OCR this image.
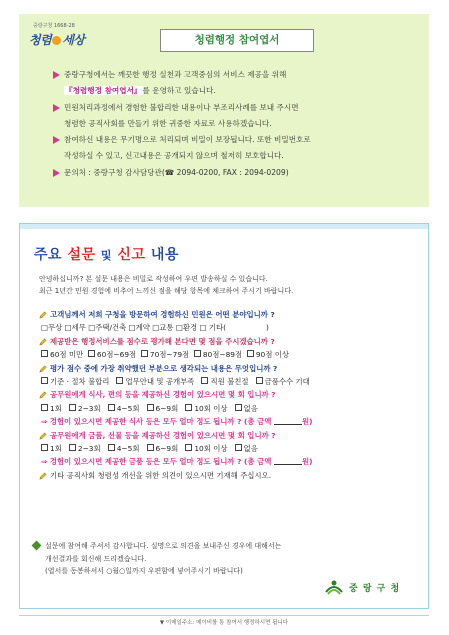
중랑구청 1668-28
청렴 세상	청렴행정 참여엽서
중랑구청에서는 깨끗한 행정 실천과 고객중심의 서비스 제공을 위해
『청렴행정 참여엽서』를 운영하고 있습니다.
민원처리과정에서 경험한 불합리한 내용이나 부조리사례를 보내 주시면
청렴한 공직사회를 만들기 위한 귀중한 자료로 사용하겠습니다.
참여하신 내용은 무기명으로 처리되며 비밀이 보장됩니다. 또한 비밀번호로
작성하실 수 있고, 신고내용은 공개되지 않으며 철저히 보호합니다.
문의처 : 중랑구청 감사담당관(☎ 2094-0200, FAX : 2094-0209)
주요 설문 및 신고 내용
안녕하십니까? 본 설문 내용은 비밀로 작성하여 우편 발송하실 수 있습니다.
최근 1년간 민원 경험에 비추어 느끼신 점을 해당 항목에 체크하여 주시기 바랍니다.
고객님께서 저희 구청을 방문하여 경험하신 민원은 어떤 분야입니까 ?
□무상 □세무 □주택/건축 □계약 □교통 □환경 □ 기타(	)
제공받은 행정서비스를 점수로 평가해 본다면 몇 점을 주시겠습니까 ?
60점 미만 60점~69점 70점~79점 80점~89점 90점 이상
평가 점수 중에 가장 취약했던 부분으로 생각되는 내용은 무엇입니까 ?
기준 · 절차 불합리 업무안내 및 공개부족 직원 불친절 금품수수 기대
공무원에게 식사, 편의 등을 제공하신 경험이 있으시면 몇 회 입니까 ?
1회 2~3회 4~5회 6~9회 10회 이상 없음
⇒ 경험이 있으시면 제공한 식사 등은 모두 얼마 정도 됩니까 ? (총 금액	원)
공무원에게 금품, 선물 등을 제공하신 경험이 있으시면 몇 회 입니까 ?
1회 2~3회 4~5회 6~9회 10회 이상 없음
⇒ 경험이 있으시면 제공한 금품 등은 모두 얼마 정도 됩니까 ? (총 금액	원)
기타 공직사회 청렴성 개선을 위한 의견이 있으시면 기재해 주십시오.
설문에 참여해 주셔서 감사합니다. 실명으로 의견을 보내주신 경우에 대해서는
개선결과를 회신해 드리겠습니다.
(엽서를 동봉하셔서 ○월○일까지 우편함에 넣어주시기 바랍니다)
중 랑 구 청
▼ 이메일주소: 메이비를 통 참여서 행정하시면 됩니다
